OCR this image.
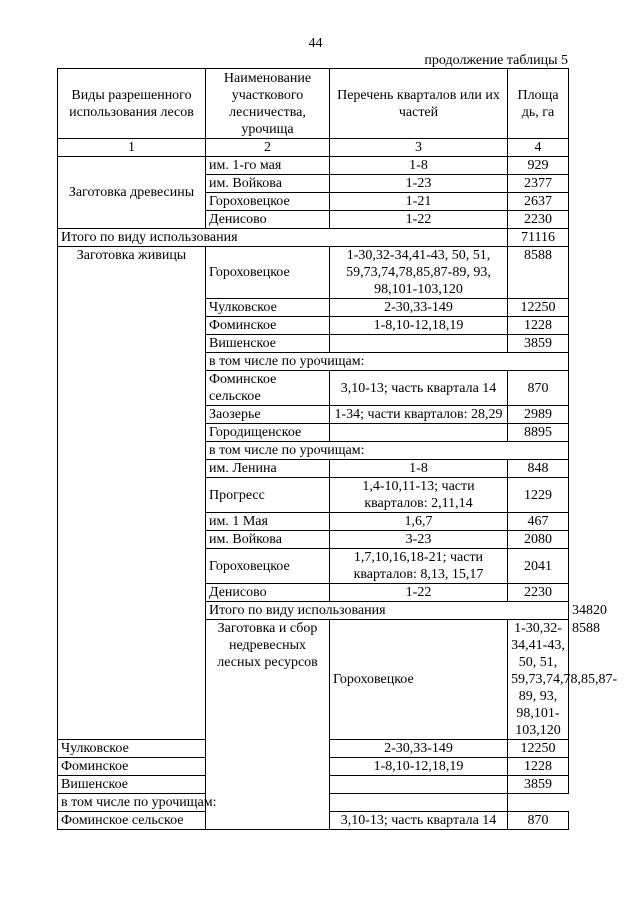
44
продолжение таблицы 5
Виды разрешенного использования лесов	Наименование участкового лесничества, урочища	Перечень кварталов или их частей	Площа
дь, га	
1	2	3	4	
Заготовка древесины	им. 1-го мая	1-8	929	
	им. Войкова	1-23	2377	
	Гороховецкое	1-21	2637	
	Денисово	1-22	2230	
Итого по виду использования			71116	
Заготовка живицы	Гороховецкое	1-30,32-34,41-43, 50, 51, 59,73,74,78,85,87-89, 93, 98,101-103,120	8588	
	Чулковское	2-30,33-149	12250	
	Фоминское	1-8,10-12,18,19	1228	
	Вишенское		3859	
	в том числе по урочищам:			
	Фоминское сельское	3,10-13; часть квартала 14	870	
	Заозерье	1-34; части кварталов: 28,29	2989	
	Городищенское		8895	
	в том числе по урочищам:			
	им. Ленина	1-8	848	
	Прогресс	1,4-10,11-13; части кварталов: 2,11,14	1229	
	им. 1 Мая	1,6,7	467	
	им. Войкова	3-23	2080	
	Гороховецкое	1,7,10,16,18-21; части кварталов: 8,13, 15,17	2041	
	Денисово	1-22	2230	
	Итого по виду использования			34820
	Заготовка и сбор недревесных лесных ресурсов	Гороховецкое	1-30,32-34,41-43, 50, 51, 59,73,74,78,85,87-89, 93, 98,101-103,120	8588
Чулковское		2-30,33-149	12250	
Фоминское		1-8,10-12,18,19	1228	
Вишенское			3859	
в том числе по урочищам:				
Фоминское сельское		3,10-13; часть квартала 14	870	
